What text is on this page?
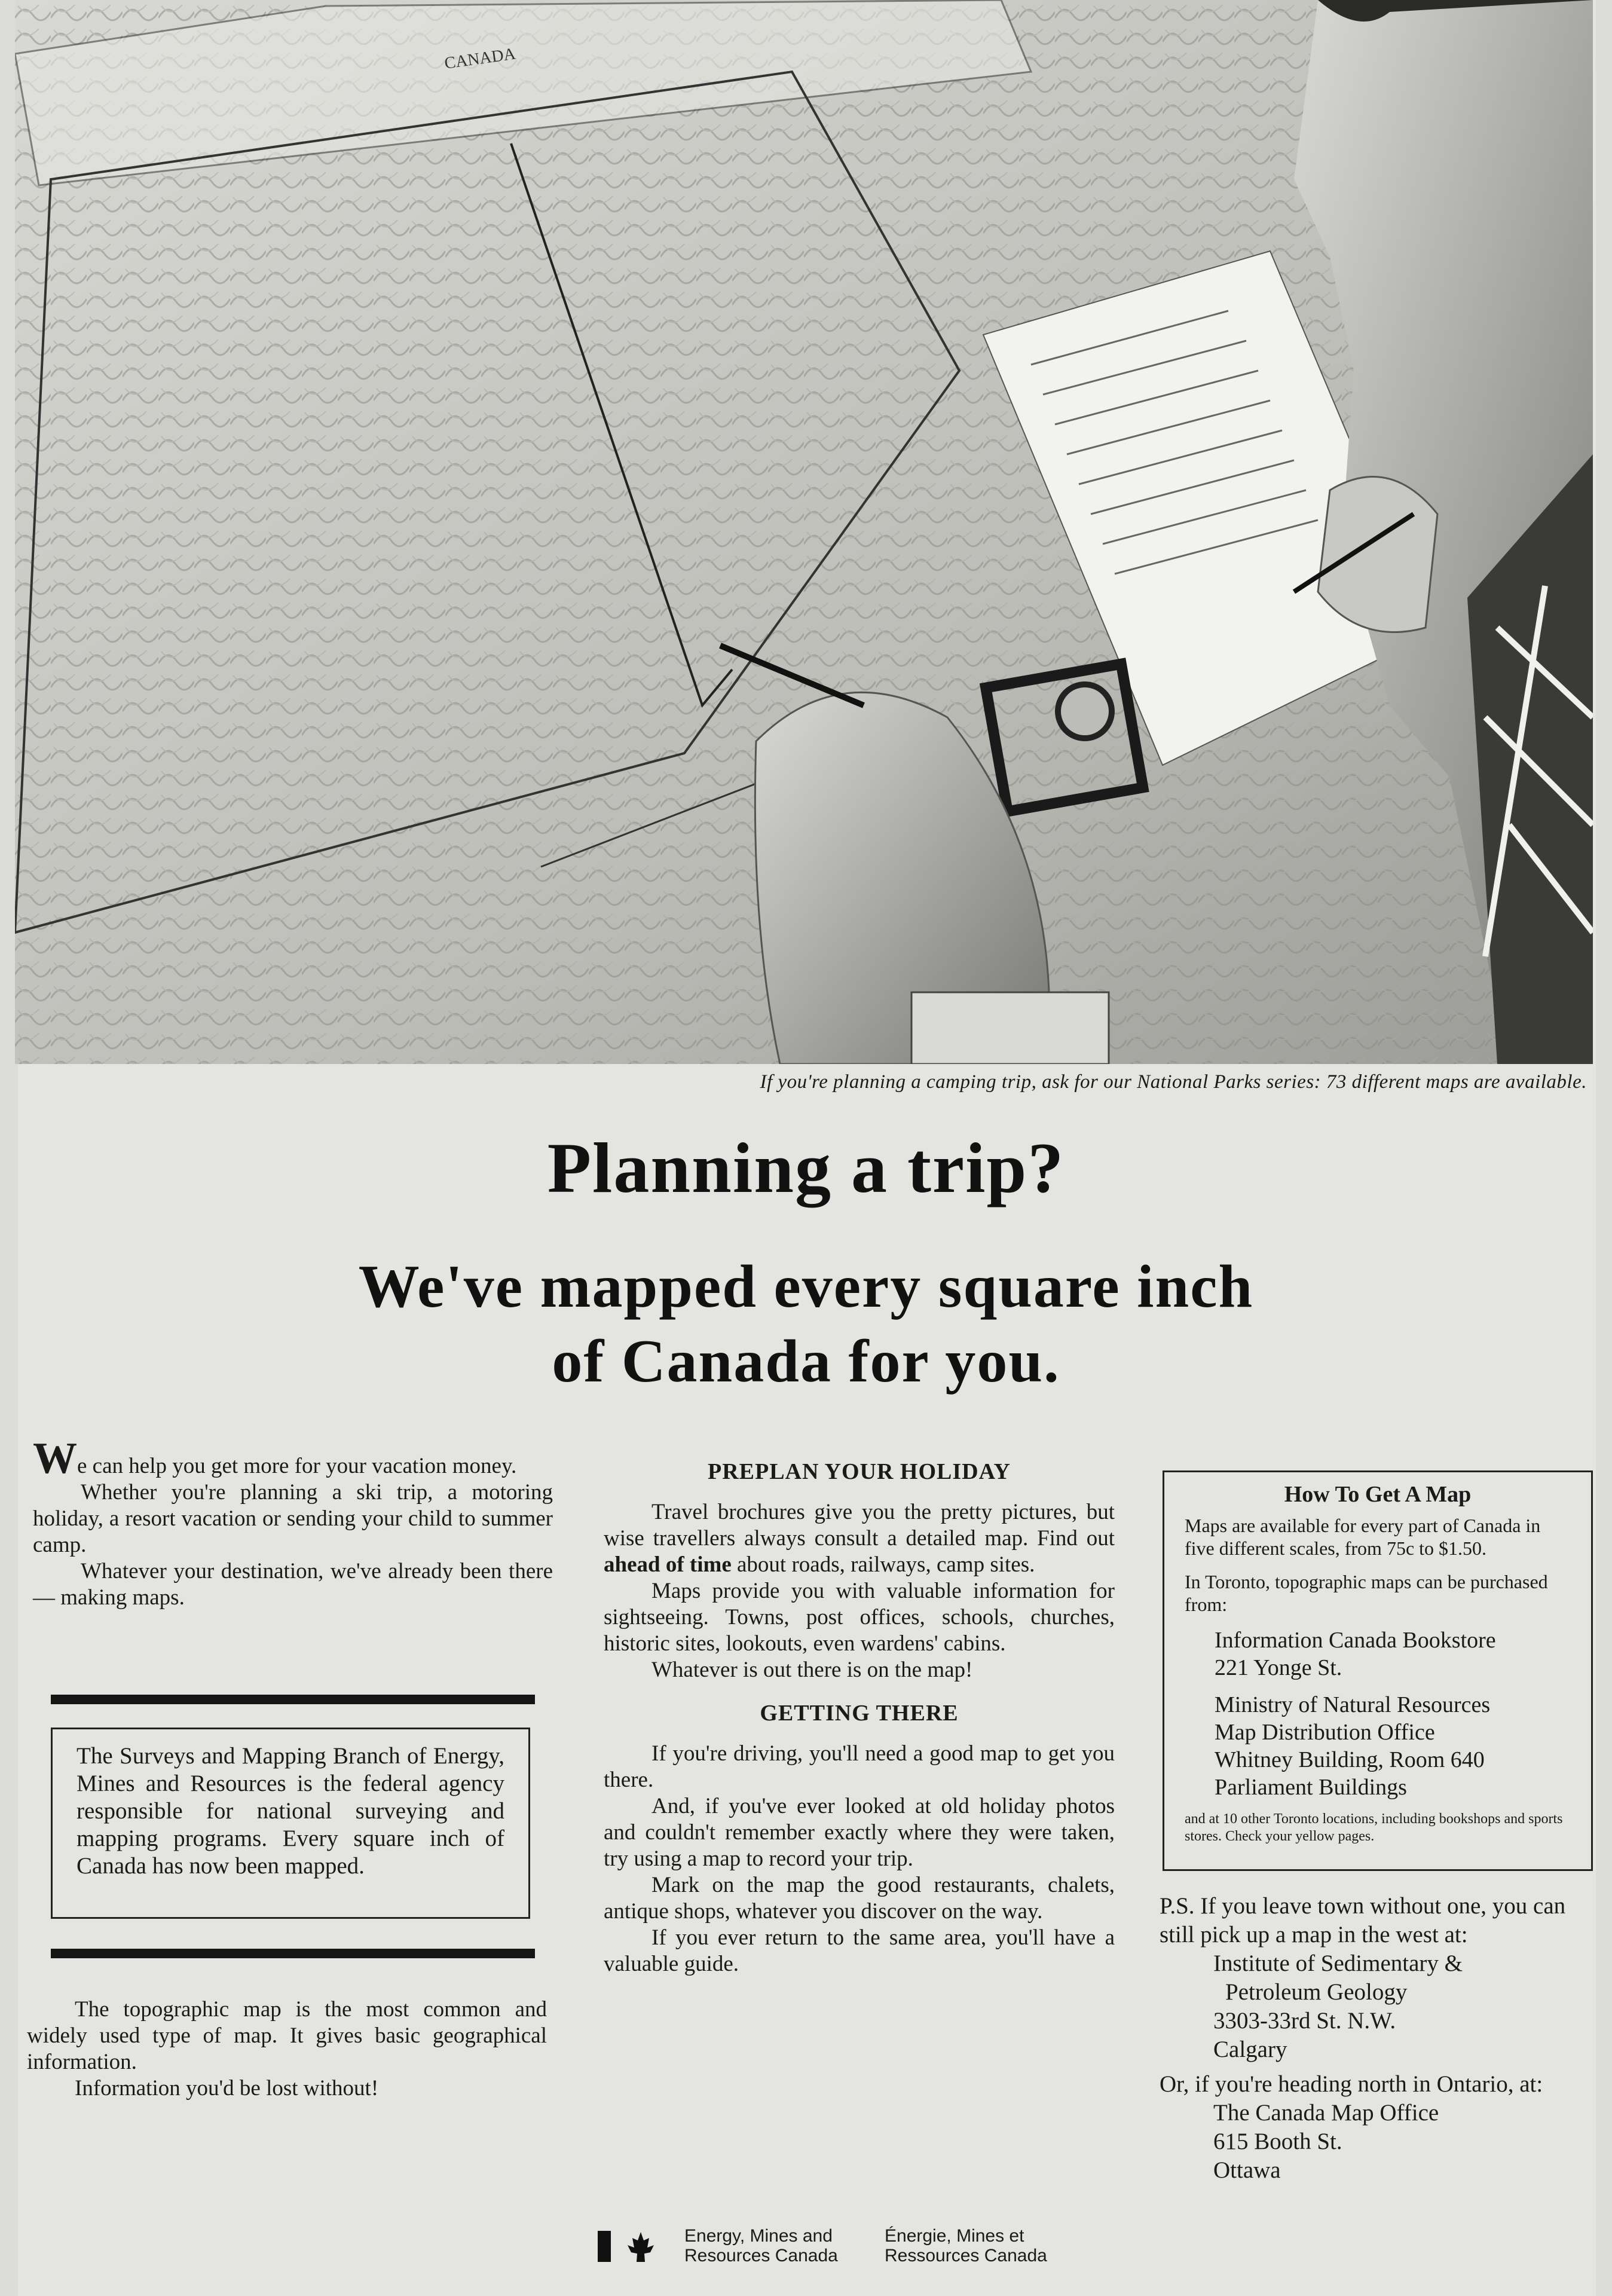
CANADA
If you're planning a camping trip, ask for our National Parks series: 73 different maps are available.
Planning a trip?
We've mapped every square inch
of Canada for you.

We can help you get more for your vacation money.

Whether you're planning a ski trip, a motoring holiday, a resort vacation or sending your child to summer camp.

Whatever your destination, we've already been there — making maps.

The Surveys and Mapping Branch of Energy, Mines and Resources is the federal agency responsible for national surveying and mapping programs. Every square inch of Canada has now been mapped.

The topographic map is the most common and widely used type of map. It gives basic geographical information.

Information you'd be lost without!

PREPLAN YOUR HOLIDAY

Travel brochures give you the pretty pictures, but wise travellers always consult a detailed map. Find out ahead of time about roads, railways, camp sites.

Maps provide you with valuable information for sightseeing. Towns, post offices, schools, churches, historic sites, lookouts, even wardens' cabins.

Whatever is out there is on the map!

GETTING THERE

If you're driving, you'll need a good map to get you there.

And, if you've ever looked at old holiday photos and couldn't remember exactly where they were taken, try using a map to record your trip.

Mark on the map the good restaurants, chalets, antique shops, whatever you discover on the way.

If you ever return to the same area, you'll have a valuable guide.

How To Get A Map

Maps are available for every part of Canada in five different scales, from 75c to $1.50.

In Toronto, topographic maps can be purchased from:

Information Canada Bookstore
221 Yonge St.
Ministry of Natural Resources
Map Distribution Office
Whitney Building, Room 640
Parliament Buildings
and at 10 other Toronto locations, including bookshops and sports stores. Check your yellow pages.

P.S. If you leave town without one, you can still pick up a map in the west at:

Institute of Sedimentary &
Petroleum Geology
3303-33rd St. N.W.
Calgary

Or, if you're heading north in Ontario, at:

The Canada Map Office
615 Booth St.
Ottawa
Energy, Mines and
Resources Canada
Énergie, Mines et
Ressources Canada
